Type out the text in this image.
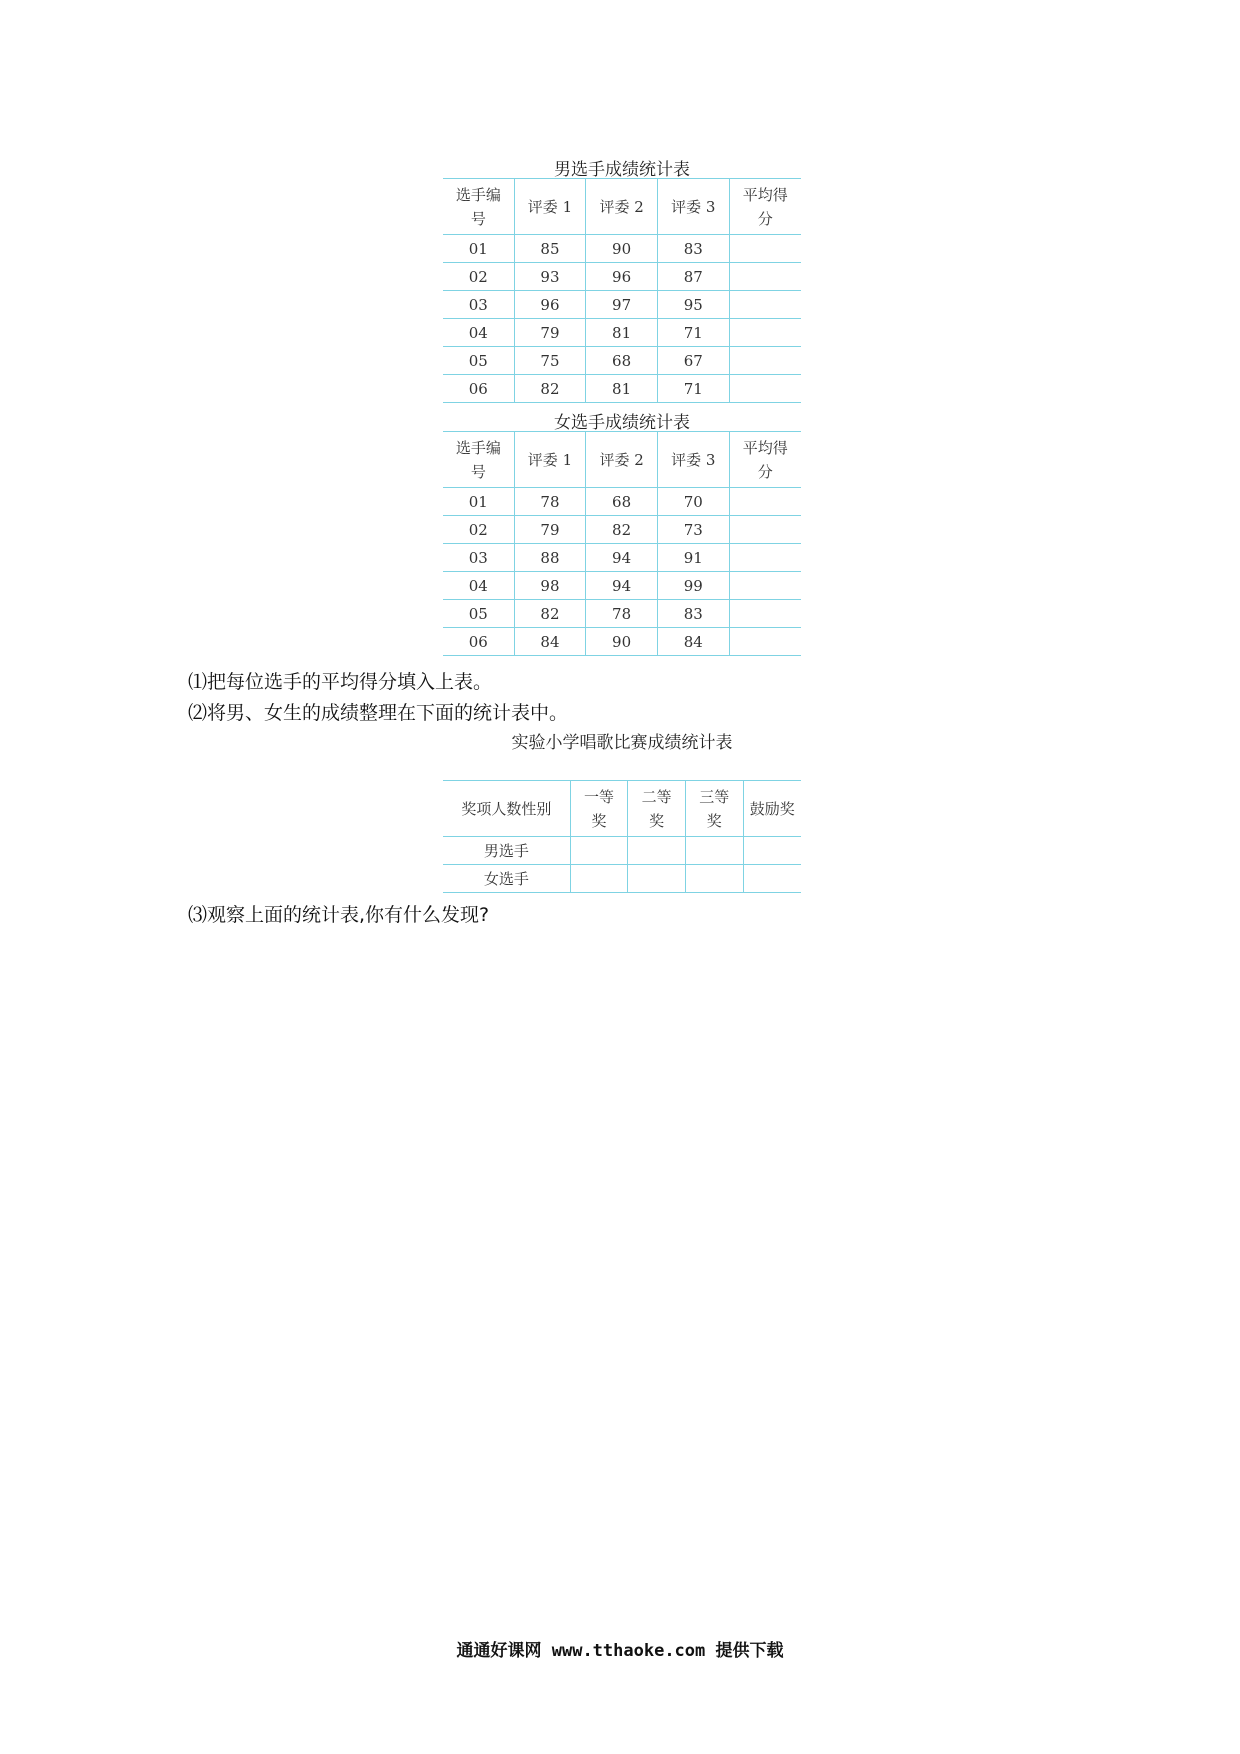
男选手成绩统计表
选手编号	评委 1	评委 2	评委 3	平均得分
01	85	90	83	
02	93	96	87	
03	96	97	95	
04	79	81	71	
05	75	68	67	
06	82	81	71	
女选手成绩统计表
选手编号	评委 1	评委 2	评委 3	平均得分
01	78	68	70	
02	79	82	73	
03	88	94	91	
04	98	94	99	
05	82	78	83	
06	84	90	84	
⑴把每位选手的平均得分填入上表。
⑵将男、女生的成绩整理在下面的统计表中。
实验小学唱歌比赛成绩统计表
奖项人数性别	一等奖	二等奖	三等奖	鼓励奖
男选手				
女选手				
⑶观察上面的统计表,你有什么发现?
通通好课网 www.tthaoke.com 提供下载
